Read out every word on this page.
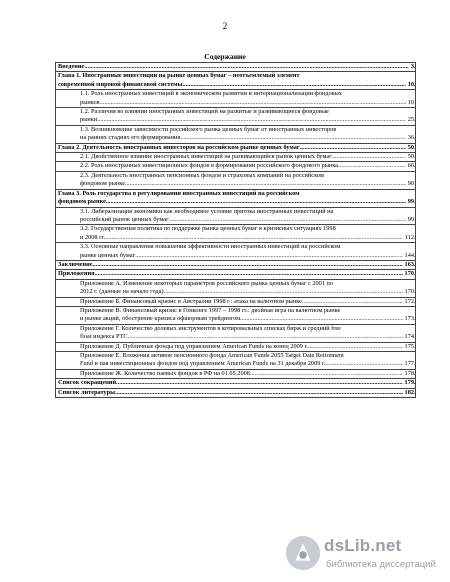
2
Содержание
Введение .....	3

Глава 1. Иностранные инвестиции на рынке ценных бумаг – неотъемлемый элемент
современной мировой финансовой системы .....	10

1.1. Роль иностранных инвестиций в экономическом развитии и интернационализации фондовых
рынков .....	10

1.2. Различия во влиянии иностранных инвестиций на развитые и развивающиеся фондовые
рынки .....	25

1.3. Возникновение зависимости российского рынка ценных бумаг от иностранных инвесторов
на ранних стадиях его формирования .....	36

Глава 2. Деятельность иностранных инвесторов на российском рынке ценных бумаг .....	50

2.1. Двойственное влияние иностранных инвестиций на развивающийся рынок ценных бумаг .....	50

2.2. Роль иностранных инвестиционных фондов в формировании российского фондового рынка .....	66

2.3. Деятельность иностранных пенсионных фондов и страховых компаний на российском
фондовом рынке .....	90

Глава 3. Роль государства в регулировании иностранных инвестиций на российском
фондовом рынке .....	99

3.1. Либерализация экономики как необходимое условие притока иностранных инвестиций на
российский рынок ценных бумаг .....	99

3.2. Государственная политика по поддержке рынка ценных бумаг в кризисных ситуациях 1998
и 2008 гг. .....	112

3.3. Основные направления повышения эффективности иностранных инвестиций на российском
рынке ценных бумаг .....	144

Заключение .....	163

Приложения .....	170

Приложение А. Изменение некоторых параметров российского рынка ценных бумаг с 2001 по
2012 г. (данные на начало года) .....	170

Приложение Б. Финансовый кризис в Австралии 1998 г.: атака на валютном рынке .....	172

Приложение В. Финансовый кризис в Гонконге 1997 – 1998 гг.: двойная игра на валютном рынке
и рынке акций, обострение кризиса офшорным трейдингом .....	173

Приложение Г. Количество долевых инструментов в котировальных списках бирж и средний free
float индекса РТС .....	174

Приложение Д. Публичные фонды под управлением American Funds на конец 2009 г. .....	175

Приложение Е. Вложения активов пенсионного фонда American Funds 2055 Target Date Retirement
Fund и пая инвестиционных фондов под управлением American Funds на 31 декабря 2009 г. .....	177

Приложение Ж. Количество паевых фондов в РФ на 01.05.2008 .....	178

Список сокращений .....	179

Список литературы .....	182
dsLib.net
библиотека диссертаций
